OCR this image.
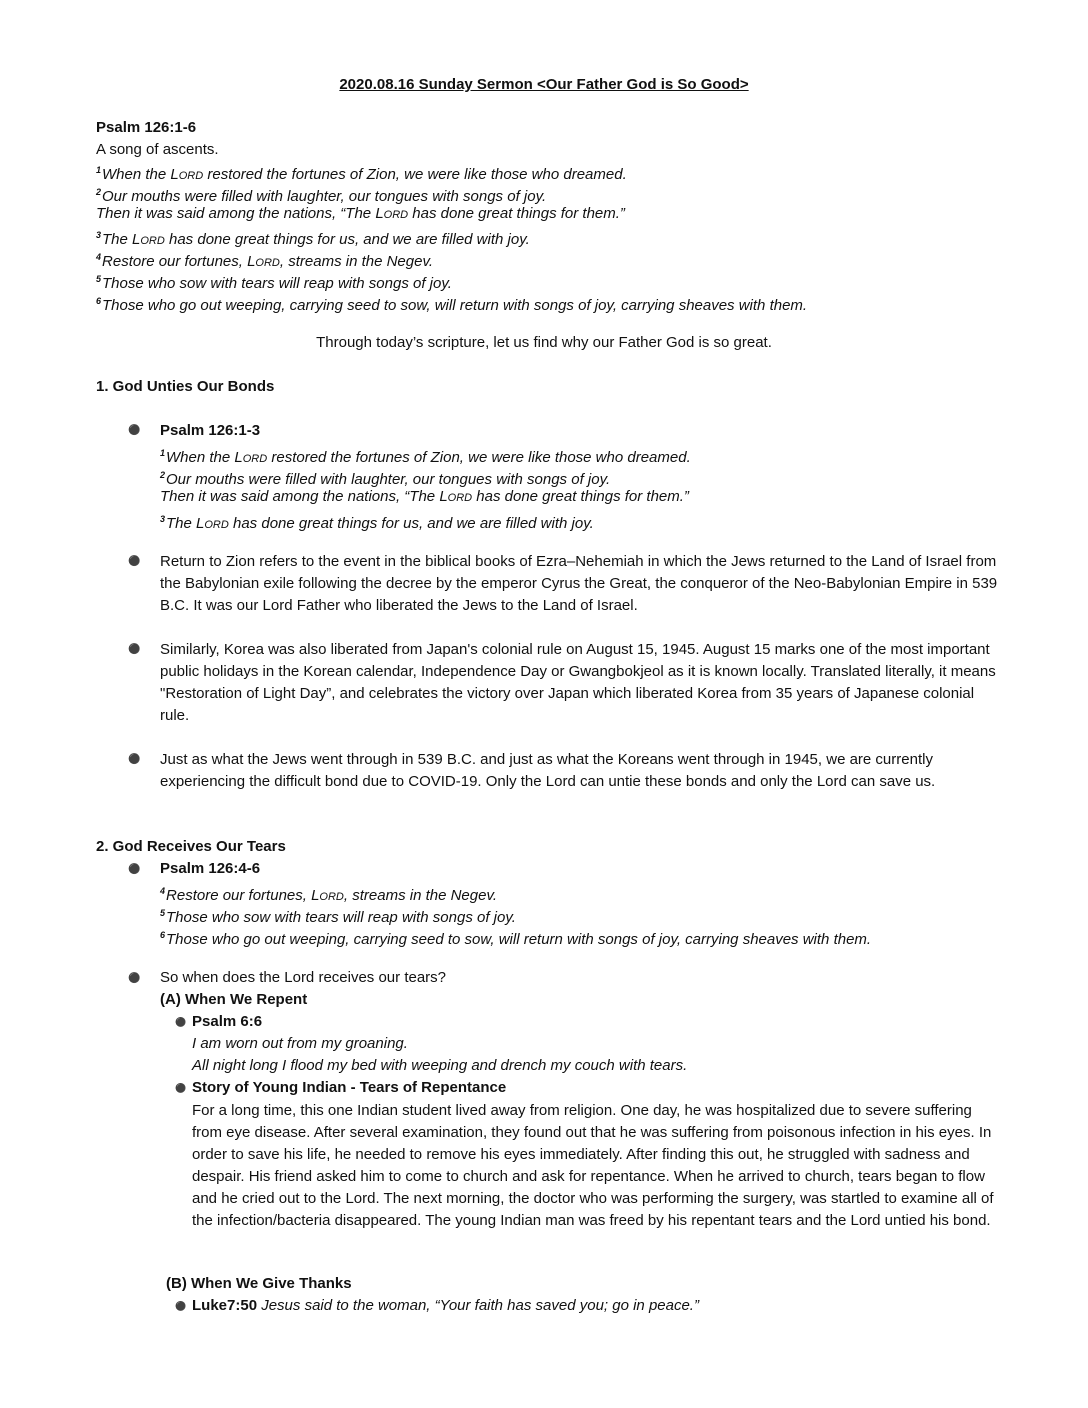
2020.08.16 Sunday Sermon <Our Father God is So Good>
Psalm 126:1-6
A song of ascents.
$^1$When the Lord restored the fortunes of Zion, we were like those who dreamed.
$^2$Our mouths were filled with laughter, our tongues with songs of joy.
Then it was said among the nations, “The Lord has done great things for them.”
$^3$The Lord has done great things for us, and we are filled with joy.
$^4$Restore our fortunes, Lord, streams in the Negev.
$^5$Those who sow with tears will reap with songs of joy.
$^6$Those who go out weeping, carrying seed to sow, will return with songs of joy, carrying sheaves with them.
Through today’s scripture, let us find why our Father God is so great.
1. God Unties Our Bonds
⚫ Psalm 126:1-3
$^1$When the Lord restored the fortunes of Zion, we were like those who dreamed.
$^2$Our mouths were filled with laughter, our tongues with songs of joy.
Then it was said among the nations, “The Lord has done great things for them.”
$^3$The Lord has done great things for us, and we are filled with joy.
⚫ Return to Zion refers to the event in the biblical books of Ezra–Nehemiah in which the Jews returned to the Land of Israel from the Babylonian exile following the decree by the emperor Cyrus the Great, the conqueror of the Neo-Babylonian Empire in 539 B.C. It was our Lord Father who liberated the Jews to the Land of Israel.
⚫ Similarly, Korea was also liberated from Japan's colonial rule on August 15, 1945. August 15 marks one of the most important public holidays in the Korean calendar, Independence Day or Gwangbokjeol as it is known locally. Translated literally, it means "Restoration of Light Day”, and celebrates the victory over Japan which liberated Korea from 35 years of Japanese colonial rule.
⚫ Just as what the Jews went through in 539 B.C. and just as what the Koreans went through in 1945, we are currently experiencing the difficult bond due to COVID-19. Only the Lord can untie these bonds and only the Lord can save us.
2. God Receives Our Tears
⚫ Psalm 126:4-6
$^4$Restore our fortunes, Lord, streams in the Negev.
$^5$Those who sow with tears will reap with songs of joy.
$^6$Those who go out weeping, carrying seed to sow, will return with songs of joy, carrying sheaves with them.
⚫ So when does the Lord receives our tears?
(A) When We Repent
⚫ Psalm 6:6
I am worn out from my groaning.
All night long I flood my bed with weeping and drench my couch with tears.
⚫ Story of Young Indian - Tears of Repentance
For a long time, this one Indian student lived away from religion. One day, he was hospitalized due to severe suffering from eye disease. After several examination, they found out that he was suffering from poisonous infection in his eyes. In order to save his life, he needed to remove his eyes immediately. After finding this out, he struggled with sadness and despair. His friend asked him to come to church and ask for repentance. When he arrived to church, tears began to flow and he cried out to the Lord. The next morning, the doctor who was performing the surgery, was startled to examine all of the infection/bacteria disappeared. The young Indian man was freed by his repentant tears and the Lord untied his bond.
(B) When We Give Thanks
⚫ Luke7:50 Jesus said to the woman, “Your faith has saved you; go in peace.”
